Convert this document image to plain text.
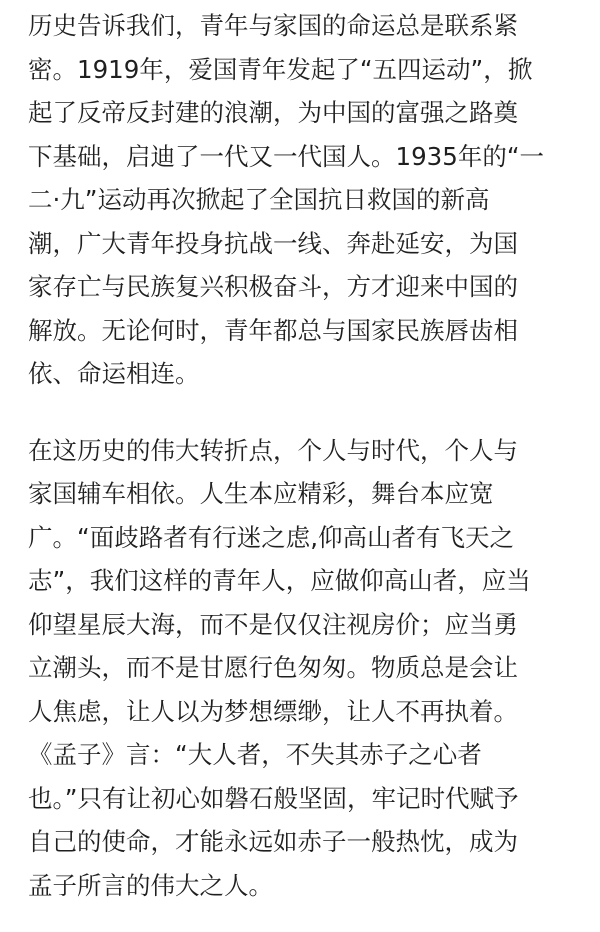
历史告诉我们，青年与家国的命运总是联系紧
密。1919年，爱国青年发起了“五四运动”，掀
起了反帝反封建的浪潮，为中国的富强之路奠
下基础，启迪了一代又一代国人。1935年的“一
二·九”运动再次掀起了全国抗日救国的新高
潮，广大青年投身抗战一线、奔赴延安，为国
家存亡与民族复兴积极奋斗，方才迎来中国的
解放。无论何时，青年都总与国家民族唇齿相
依、命运相连。
在这历史的伟大转折点，个人与时代，个人与
家国辅车相依。人生本应精彩，舞台本应宽
广。“面歧路者有行迷之虑,仰高山者有飞天之
志”，我们这样的青年人，应做仰高山者，应当
仰望星辰大海，而不是仅仅注视房价；应当勇
立潮头，而不是甘愿行色匆匆。物质总是会让
人焦虑，让人以为梦想缥缈，让人不再执着。
《孟子》言：“大人者，不失其赤子之心者
也。”只有让初心如磐石般坚固，牢记时代赋予
自己的使命，才能永远如赤子一般热忱，成为
孟子所言的伟大之人。
